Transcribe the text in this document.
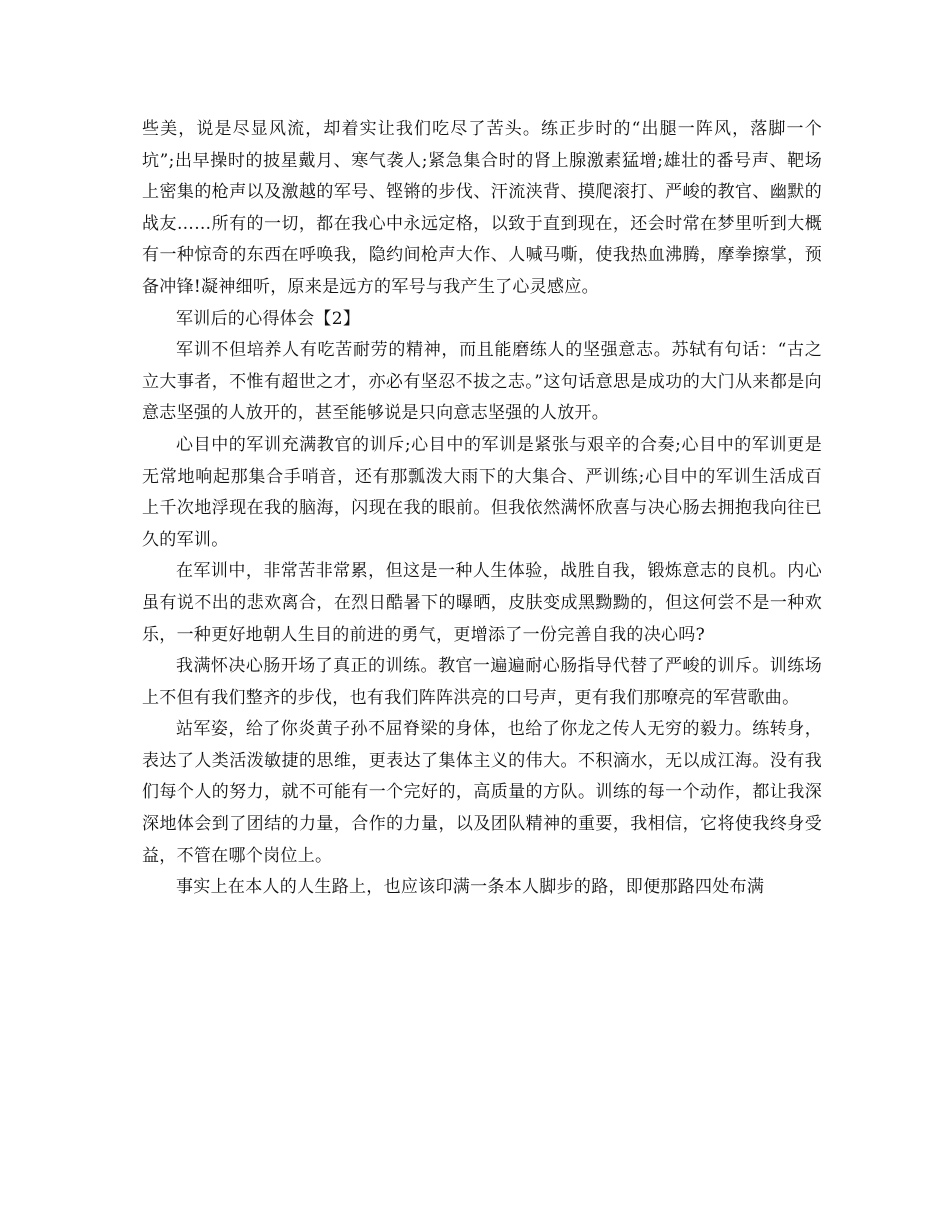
些美，说是尽显风流，却着实让我们吃尽了苦头。练正步时的“出腿一阵风，落脚一个坑”;出早操时的披星戴月、寒气袭人;紧急集合时的肾上腺激素猛增;雄壮的番号声、靶场上密集的枪声以及激越的军号、铿锵的步伐、汗流浃背、摸爬滚打、严峻的教官、幽默的战友……所有的一切，都在我心中永远定格，以致于直到现在，还会时常在梦里听到大概有一种惊奇的东西在呼唤我，隐约间枪声大作、人喊马嘶，使我热血沸腾，摩拳擦掌，预备冲锋!凝神细听，原来是远方的军号与我产生了心灵感应。

军训后的心得体会【2】

军训不但培养人有吃苦耐劳的精神，而且能磨练人的坚强意志。苏轼有句话：“古之立大事者，不惟有超世之才，亦必有坚忍不拔之志。”这句话意思是成功的大门从来都是向意志坚强的人放开的，甚至能够说是只向意志坚强的人放开。

心目中的军训充满教官的训斥;心目中的军训是紧张与艰辛的合奏;心目中的军训更是无常地响起那集合手哨音，还有那瓢泼大雨下的大集合、严训练;心目中的军训生活成百上千次地浮现在我的脑海，闪现在我的眼前。但我依然满怀欣喜与决心肠去拥抱我向往已久的军训。

在军训中，非常苦非常累，但这是一种人生体验，战胜自我，锻炼意志的良机。内心虽有说不出的悲欢离合，在烈日酷暑下的曝晒，皮肤变成黑黝黝的，但这何尝不是一种欢乐，一种更好地朝人生目的前进的勇气，更增添了一份完善自我的决心吗?

我满怀决心肠开场了真正的训练。教官一遍遍耐心肠指导代替了严峻的训斥。训练场上不但有我们整齐的步伐，也有我们阵阵洪亮的口号声，更有我们那嘹亮的军营歌曲。

站军姿，给了你炎黄子孙不屈脊梁的身体，也给了你龙之传人无穷的毅力。练转身，表达了人类活泼敏捷的思维，更表达了集体主义的伟大。不积滴水，无以成江海。没有我们每个人的努力，就不可能有一个完好的，高质量的方队。训练的每一个动作，都让我深深地体会到了团结的力量，合作的力量，以及团队精神的重要，我相信，它将使我终身受益，不管在哪个岗位上。

事实上在本人的人生路上，也应该印满一条本人脚步的路，即便那路四处布满
